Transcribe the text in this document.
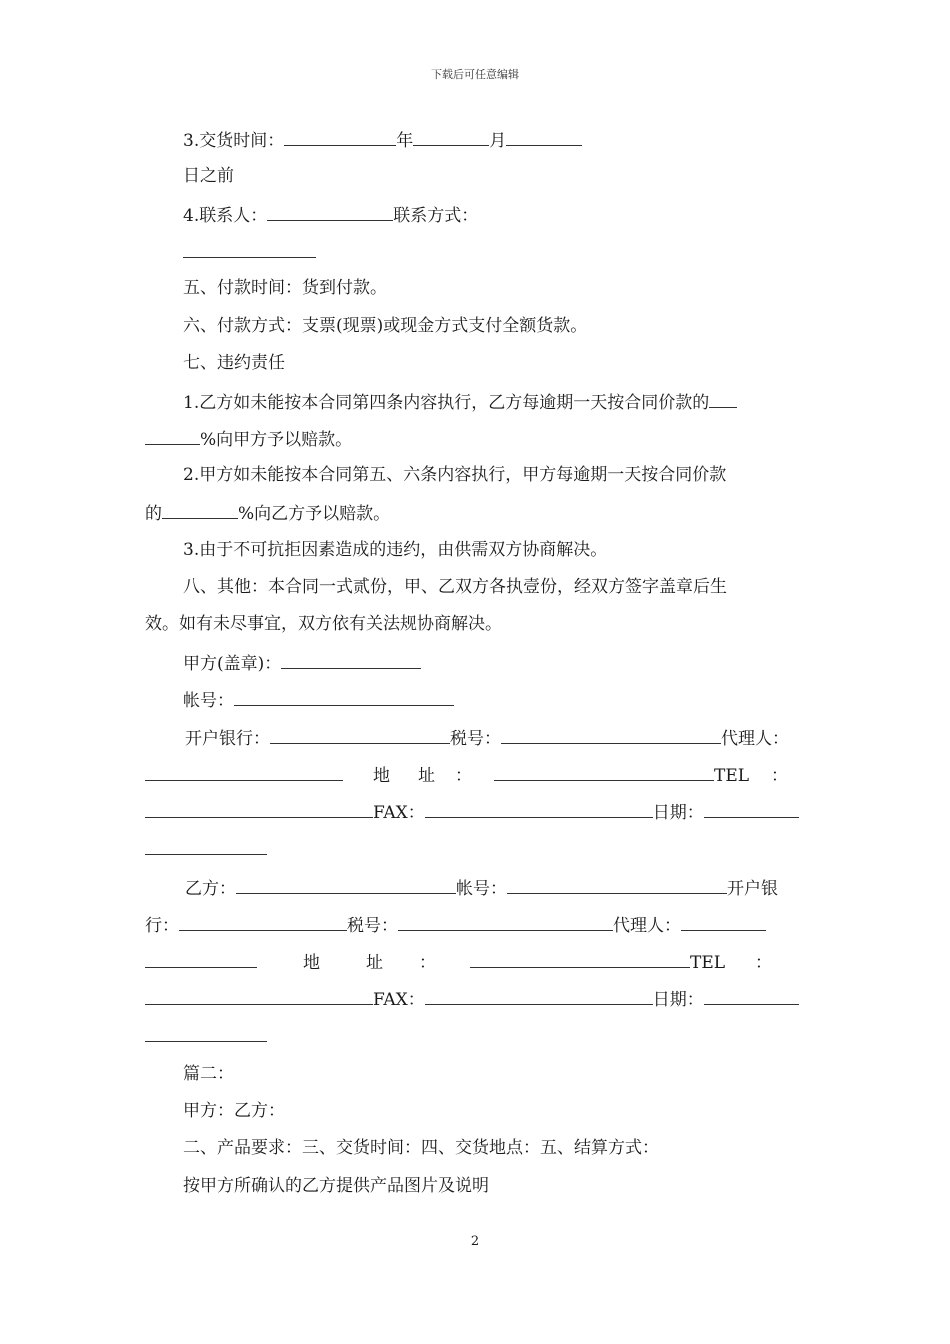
下载后可任意编辑
3.交货时间：	年	月
日之前
4.联系人：	联系方式：
五、付款时间：货到付款。
六、付款方式：支票(现票)或现金方式支付全额货款。
七、违约责任
1.乙方如未能按本合同第四条内容执行，乙方每逾期一天按合同价款的
%向甲方予以赔款。
2.甲方如未能按本合同第五、六条内容执行，甲方每逾期一天按合同价款
的	%向乙方予以赔款。
3.由于不可抗拒因素造成的违约，由供需双方协商解决。
八、其他：本合同一式贰份，甲、乙双方各执壹份，经双方签字盖章后生
效。如有未尽事宜，双方依有关法规协商解决。
甲方(盖章)：
帐号：
开户银行：	税号：	代理人：
地 址 ：	TEL ：
FAX：	日期：
乙方：	帐号：	开户银
行：	税号：	代理人：
地	址 ：	TEL ：
FAX：	日期：
篇二：
甲方：乙方：
二、产品要求：三、交货时间：四、交货地点：五、结算方式：
按甲方所确认的乙方提供产品图片及说明
2
